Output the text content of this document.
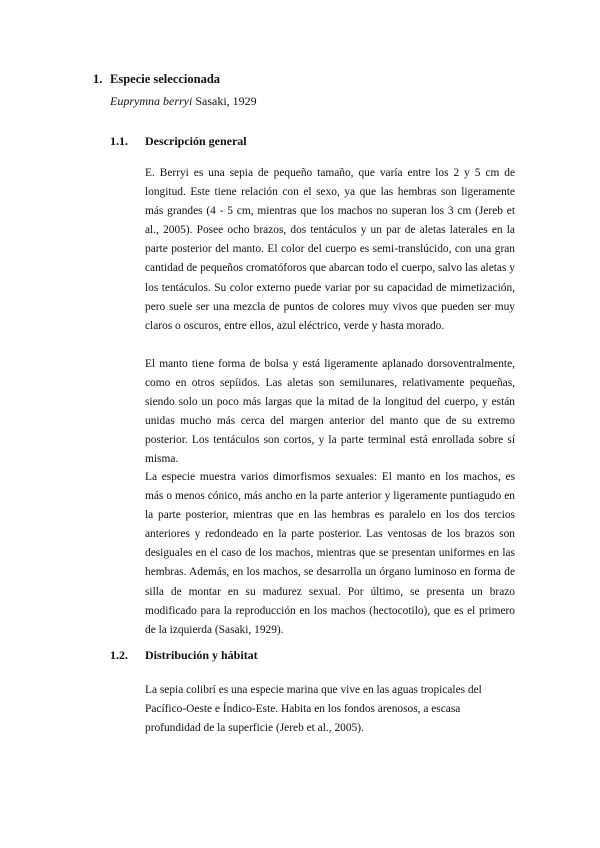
1. Especie seleccionada
Euprymna berryi Sasaki, 1929
1.1. Descripción general

E. Berryi es una sepia de pequeño tamaño, que varía entre los 2 y 5 cm de longitud. Este tiene relación con el sexo, ya que las hembras son ligeramente más grandes (4 - 5 cm, mientras que los machos no superan los 3 cm (Jereb et al., 2005). Posee ocho brazos, dos tentáculos y un par de aletas laterales en la parte posterior del manto. El color del cuerpo es semi-translúcido, con una gran cantidad de pequeños cromatóforos que abarcan todo el cuerpo, salvo las aletas y los tentáculos. Su color externo puede variar por su capacidad de mimetización, pero suele ser una mezcla de puntos de colores muy vivos que pueden ser muy claros o oscuros, entre ellos, azul eléctrico, verde y hasta morado.

El manto tiene forma de bolsa y está ligeramente aplanado dorsoventralmente, como en otros sepíidos. Las aletas son semilunares, relativamente pequeñas, siendo solo un poco más largas que la mitad de la longitud del cuerpo, y están unidas mucho más cerca del margen anterior del manto que de su extremo posterior. Los tentáculos son cortos, y la parte terminal está enrollada sobre sí misma.

La especie muestra varios dimorfismos sexuales: El manto en los machos, es más o menos cónico, más ancho en la parte anterior y ligeramente puntiagudo en la parte posterior, mientras que en las hembras es paralelo en los dos tercios anteriores y redondeado en la parte posterior. Las ventosas de los brazos son desiguales en el caso de los machos, mientras que se presentan uniformes en las hembras. Además, en los machos, se desarrolla un órgano luminoso en forma de silla de montar en su madurez sexual. Por último, se presenta un brazo modificado para la reproducción en los machos (hectocotilo), que es el primero de la izquierda (Sasaki, 1929).

1.2. Distribución y hábitat

La sepia colibrí es una especie marina que vive en las aguas tropicales del Pacífico-Oeste e Índico-Este. Habita en los fondos arenosos, a escasa profundidad de la superficie (Jereb et al., 2005).
